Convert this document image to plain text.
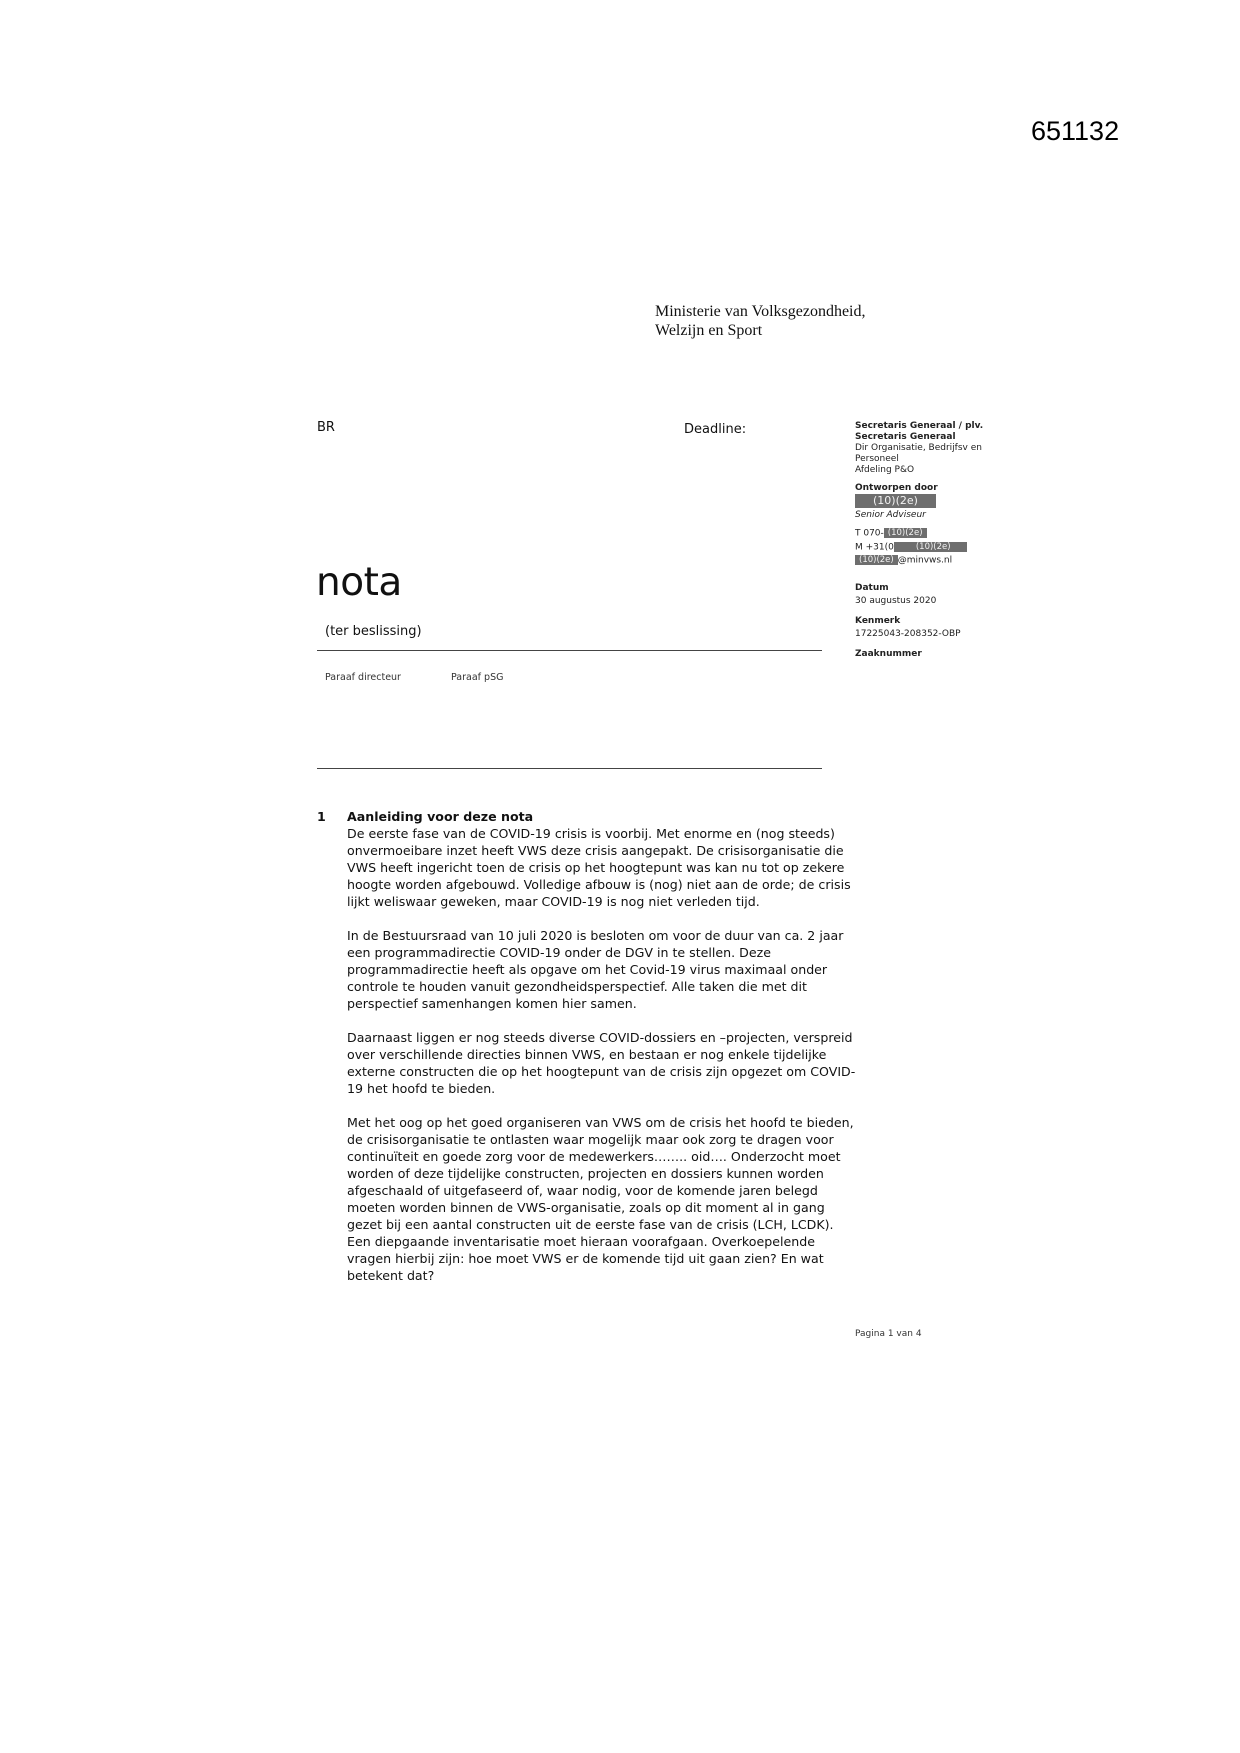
651132
Ministerie van Volksgezondheid,
Welzijn en Sport
BR	Deadline:
nota
(ter beslissing)
Paraaf directeur	Paraaf pSG
Secretaris Generaal / plv.
Secretaris Generaal
Dir Organisatie, Bedrijfsv en
Personeel
Afdeling P&O
Ontworpen door
(10)(2e)
Senior Adviseur
T 070- (10)(2e)
M +31(0	(10)(2e)
(10)(2e) @minvws.nl
Datum
30 augustus 2020
Kenmerk
17225043-208352-OBP
Zaaknummer
1 Aanleiding voor deze nota

De eerste fase van de COVID-19 crisis is voorbij. Met enorme en (nog steeds) onvermoeibare inzet heeft VWS deze crisis aangepakt. De crisisorganisatie die VWS heeft ingericht toen de crisis op het hoogtepunt was kan nu tot op zekere hoogte worden afgebouwd. Volledige afbouw is (nog) niet aan de orde; de crisis lijkt weliswaar geweken, maar COVID-19 is nog niet verleden tijd.

In de Bestuursraad van 10 juli 2020 is besloten om voor de duur van ca. 2 jaar een programmadirectie COVID-19 onder de DGV in te stellen. Deze programmadirectie heeft als opgave om het Covid-19 virus maximaal onder controle te houden vanuit gezondheidsperspectief. Alle taken die met dit perspectief samenhangen komen hier samen.

Daarnaast liggen er nog steeds diverse COVID-dossiers en –projecten, verspreid over verschillende directies binnen VWS, en bestaan er nog enkele tijdelijke externe constructen die op het hoogtepunt van de crisis zijn opgezet om COVID-19 het hoofd te bieden.

Met het oog op het goed organiseren van VWS om de crisis het hoofd te bieden, de crisisorganisatie te ontlasten waar mogelijk maar ook zorg te dragen voor continuïteit en goede zorg voor de medewerkers…….. oid…. Onderzocht moet worden of deze tijdelijke constructen, projecten en dossiers kunnen worden afgeschaald of uitgefaseerd of, waar nodig, voor de komende jaren belegd moeten worden binnen de VWS-organisatie, zoals op dit moment al in gang gezet bij een aantal constructen uit de eerste fase van de crisis (LCH, LCDK). Een diepgaande inventarisatie moet hieraan voorafgaan. Overkoepelende vragen hierbij zijn: hoe moet VWS er de komende tijd uit gaan zien? En wat betekent dat?

Pagina 1 van 4
